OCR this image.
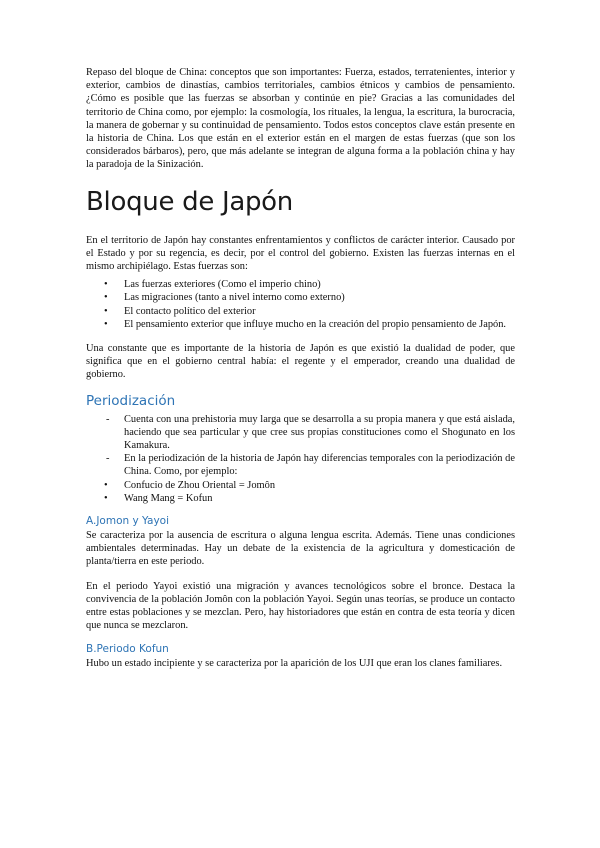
Repaso del bloque de China: conceptos que son importantes: Fuerza, estados, terratenientes, interior y exterior, cambios de dinastías, cambios territoriales, cambios étnicos y cambios de pensamiento. ¿Cómo es posible que las fuerzas se absorban y continúe en pie? Gracias a las comunidades del territorio de China como, por ejemplo: la cosmología, los rituales, la lengua, la escritura, la burocracia, la manera de gobernar y su continuidad de pensamiento. Todos estos conceptos clave están presente en la historia de China. Los que están en el exterior están en el margen de estas fuerzas (que son los considerados bárbaros), pero, que más adelante se integran de alguna forma a la población china y hay la paradoja de la Sinización.

Bloque de Japón

En el territorio de Japón hay constantes enfrentamientos y conflictos de carácter interior. Causado por el Estado y por su regencia, es decir, por el control del gobierno. Existen las fuerzas internas en el mismo archipiélago. Estas fuerzas son:

• Las fuerzas exteriores (Como el imperio chino)
• Las migraciones (tanto a nivel interno como externo)
• El contacto político del exterior
• El pensamiento exterior que influye mucho en la creación del propio pensamiento de Japón.

Una constante que es importante de la historia de Japón es que existió la dualidad de poder, que significa que en el gobierno central había: el regente y el emperador, creando una dualidad de gobierno.

Periodización
- Cuenta con una prehistoria muy larga que se desarrolla a su propia manera y que está aislada, haciendo que sea particular y que cree sus propias constituciones como el Shogunato en los Kamakura.
- En la periodización de la historia de Japón hay diferencias temporales con la periodización de China. Como, por ejemplo:
• Confucio de Zhou Oriental = Jomôn
• Wang Mang = Kofun
A.Jomon y Yayoi

Se caracteriza por la ausencia de escritura o alguna lengua escrita. Además. Tiene unas condiciones ambientales determinadas. Hay un debate de la existencia de la agricultura y domesticación de planta/tierra en este periodo.

En el periodo Yayoi existió una migración y avances tecnológicos sobre el bronce. Destaca la convivencia de la población Jomôn con la población Yayoi. Según unas teorías, se produce un contacto entre estas poblaciones y se mezclan. Pero, hay historiadores que están en contra de esta teoría y dicen que nunca se mezclaron.

B.Periodo Kofun

Hubo un estado incipiente y se caracteriza por la aparición de los UJI que eran los clanes familiares.
